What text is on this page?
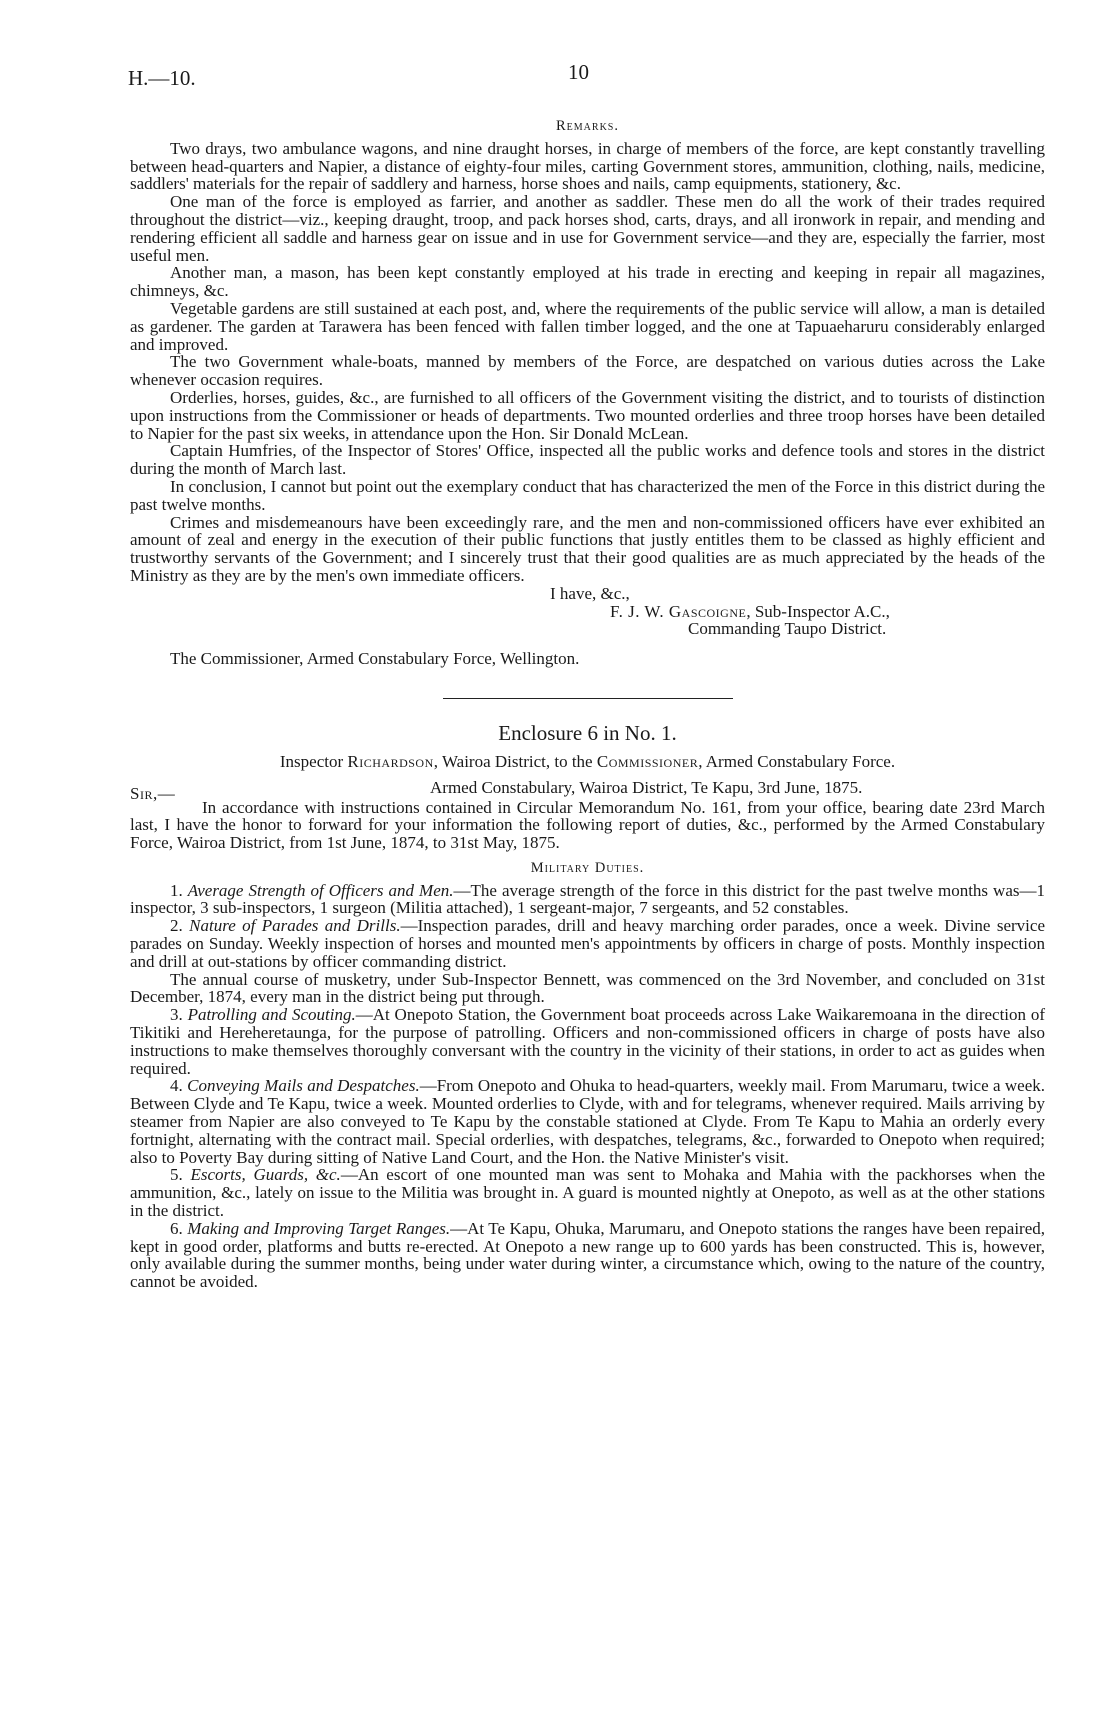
H.—10.	10
Remarks.

Two drays, two ambulance wagons, and nine draught horses, in charge of members of the force, are kept constantly travelling between head-quarters and Napier, a distance of eighty-four miles, carting Government stores, ammunition, clothing, nails, medicine, saddlers' materials for the repair of saddlery and harness, horse shoes and nails, camp equipments, stationery, &c.

One man of the force is employed as farrier, and another as saddler. These men do all the work of their trades required throughout the district—viz., keeping draught, troop, and pack horses shod, carts, drays, and all ironwork in repair, and mending and rendering efficient all saddle and harness gear on issue and in use for Government service—and they are, especially the farrier, most useful men.

Another man, a mason, has been kept constantly employed at his trade in erecting and keeping in repair all magazines, chimneys, &c.

Vegetable gardens are still sustained at each post, and, where the requirements of the public service will allow, a man is detailed as gardener. The garden at Tarawera has been fenced with fallen timber logged, and the one at Tapuaeharuru considerably enlarged and improved.

The two Government whale-boats, manned by members of the Force, are despatched on various duties across the Lake whenever occasion requires.

Orderlies, horses, guides, &c., are furnished to all officers of the Government visiting the district, and to tourists of distinction upon instructions from the Commissioner or heads of departments. Two mounted orderlies and three troop horses have been detailed to Napier for the past six weeks, in attendance upon the Hon. Sir Donald McLean.

Captain Humfries, of the Inspector of Stores' Office, inspected all the public works and defence tools and stores in the district during the month of March last.

In conclusion, I cannot but point out the exemplary conduct that has characterized the men of the Force in this district during the past twelve months.

Crimes and misdemeanours have been exceedingly rare, and the men and non-commissioned officers have ever exhibited an amount of zeal and energy in the execution of their public functions that justly entitles them to be classed as highly efficient and trustworthy servants of the Government; and I sincerely trust that their good qualities are as much appreciated by the heads of the Ministry as they are by the men's own immediate officers.

I have, &c.,

F. J. W. Gascoigne, Sub-Inspector A.C.,

Commanding Taupo District.

The Commissioner, Armed Constabulary Force, Wellington.

Enclosure 6 in No. 1.
Inspector Richardson, Wairoa District, to the Commissioner, Armed Constabulary Force.
Sir,—	Armed Constabulary, Wairoa District, Te Kapu, 3rd June, 1875.

In accordance with instructions contained in Circular Memorandum No. 161, from your office, bearing date 23rd March last, I have the honor to forward for your information the following report of duties, &c., performed by the Armed Constabulary Force, Wairoa District, from 1st June, 1874, to 31st May, 1875.

Military Duties.

1. Average Strength of Officers and Men.—The average strength of the force in this district for the past twelve months was—1 inspector, 3 sub-inspectors, 1 surgeon (Militia attached), 1 sergeant-major, 7 sergeants, and 52 constables.

2. Nature of Parades and Drills.—Inspection parades, drill and heavy marching order parades, once a week. Divine service parades on Sunday. Weekly inspection of horses and mounted men's appointments by officers in charge of posts. Monthly inspection and drill at out-stations by officer commanding district.

The annual course of musketry, under Sub-Inspector Bennett, was commenced on the 3rd November, and concluded on 31st December, 1874, every man in the district being put through.

3. Patrolling and Scouting.—At Onepoto Station, the Government boat proceeds across Lake Waikaremoana in the direction of Tikitiki and Hereheretaunga, for the purpose of patrolling. Officers and non-commissioned officers in charge of posts have also instructions to make themselves thoroughly conversant with the country in the vicinity of their stations, in order to act as guides when required.

4. Conveying Mails and Despatches.—From Onepoto and Ohuka to head-quarters, weekly mail. From Marumaru, twice a week. Between Clyde and Te Kapu, twice a week. Mounted orderlies to Clyde, with and for telegrams, whenever required. Mails arriving by steamer from Napier are also conveyed to Te Kapu by the constable stationed at Clyde. From Te Kapu to Mahia an orderly every fortnight, alternating with the contract mail. Special orderlies, with despatches, telegrams, &c., forwarded to Onepoto when required; also to Poverty Bay during sitting of Native Land Court, and the Hon. the Native Minister's visit.

5. Escorts, Guards, &c.—An escort of one mounted man was sent to Mohaka and Mahia with the packhorses when the ammunition, &c., lately on issue to the Militia was brought in. A guard is mounted nightly at Onepoto, as well as at the other stations in the district.

6. Making and Improving Target Ranges.—At Te Kapu, Ohuka, Marumaru, and Onepoto stations the ranges have been repaired, kept in good order, platforms and butts re-erected. At Onepoto a new range up to 600 yards has been constructed. This is, however, only available during the summer months, being under water during winter, a circumstance which, owing to the nature of the country, cannot be avoided.
